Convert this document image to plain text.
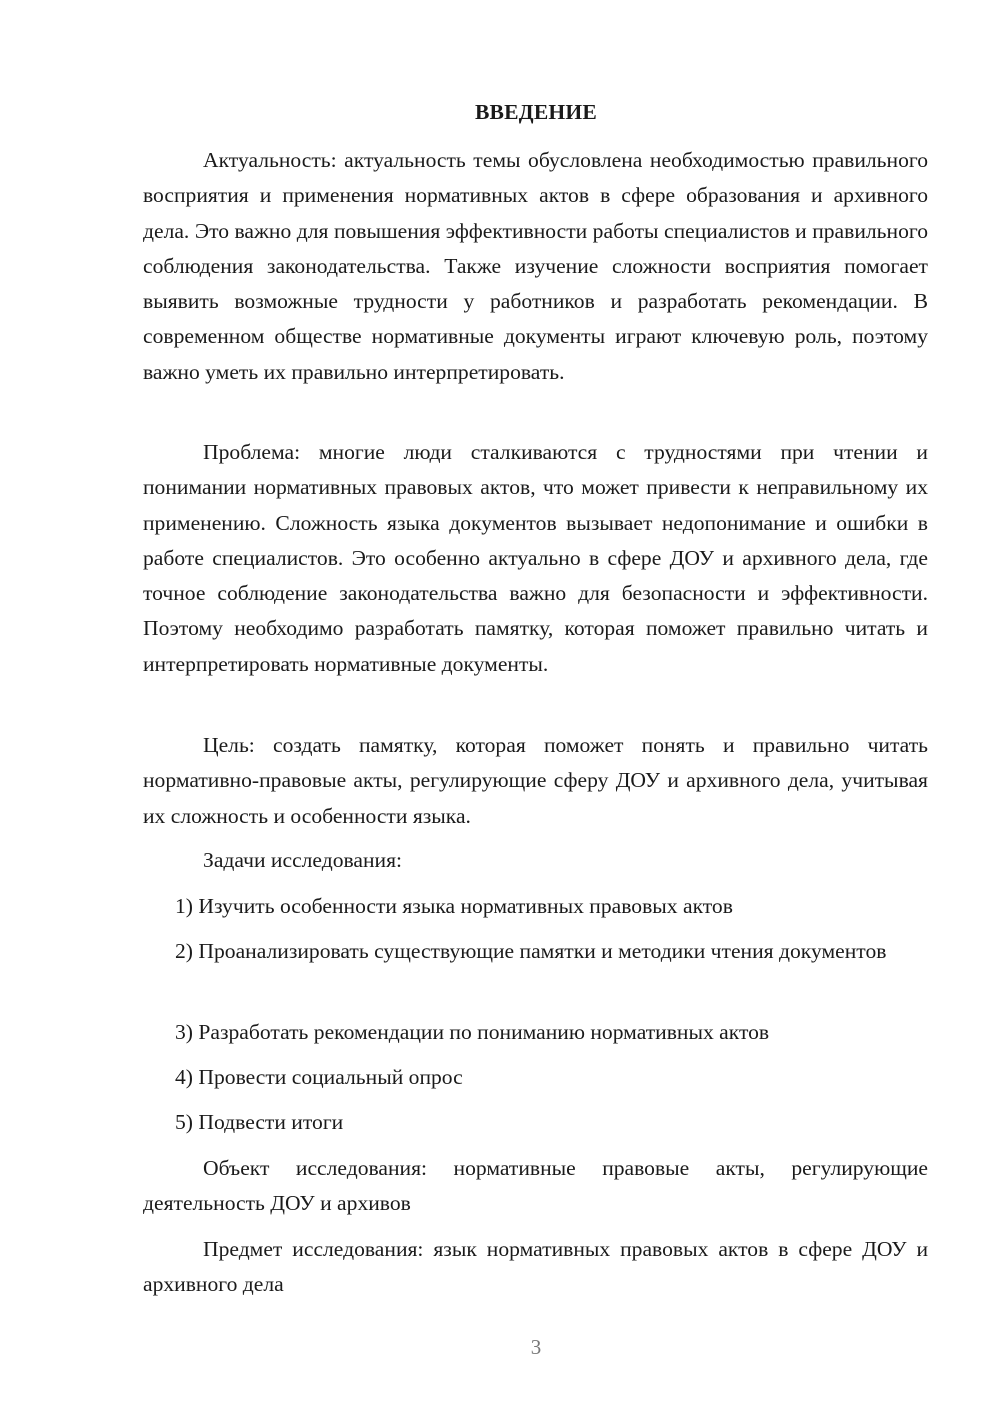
ВВЕДЕНИЕ

Актуальность: актуальность темы обусловлена необходимостью правильного восприятия и применения нормативных актов в сфере образования и архивного дела. Это важно для повышения эффективности работы специалистов и правильного соблюдения законодательства. Также изучение сложности восприятия помогает выявить возможные трудности у работников и разработать рекомендации. В современном обществе нормативные документы играют ключевую роль, поэтому важно уметь их правильно интерпретировать.

Проблема: многие люди сталкиваются с трудностями при чтении и понимании нормативных правовых актов, что может привести к неправильному их применению. Сложность языка документов вызывает недопонимание и ошибки в работе специалистов. Это особенно актуально в сфере ДОУ и архивного дела, где точное соблюдение законодательства важно для безопасности и эффективности. Поэтому необходимо разработать памятку, которая поможет правильно читать и интерпретировать нормативные документы.

Цель: создать памятку, которая поможет понять и правильно читать нормативно-правовые акты, регулирующие сферу ДОУ и архивного дела, учитывая их сложность и особенности языка.

Задачи исследования:

1) Изучить особенности языка нормативных правовых актов

2) Проанализировать существующие памятки и методики чтения документов

3) Разработать рекомендации по пониманию нормативных актов

4) Провести социальный опрос

5) Подвести итоги

Объект исследования: нормативные правовые акты, регулирующие деятельность ДОУ и архивов

Предмет исследования: язык нормативных правовых актов в сфере ДОУ и архивного дела

3
